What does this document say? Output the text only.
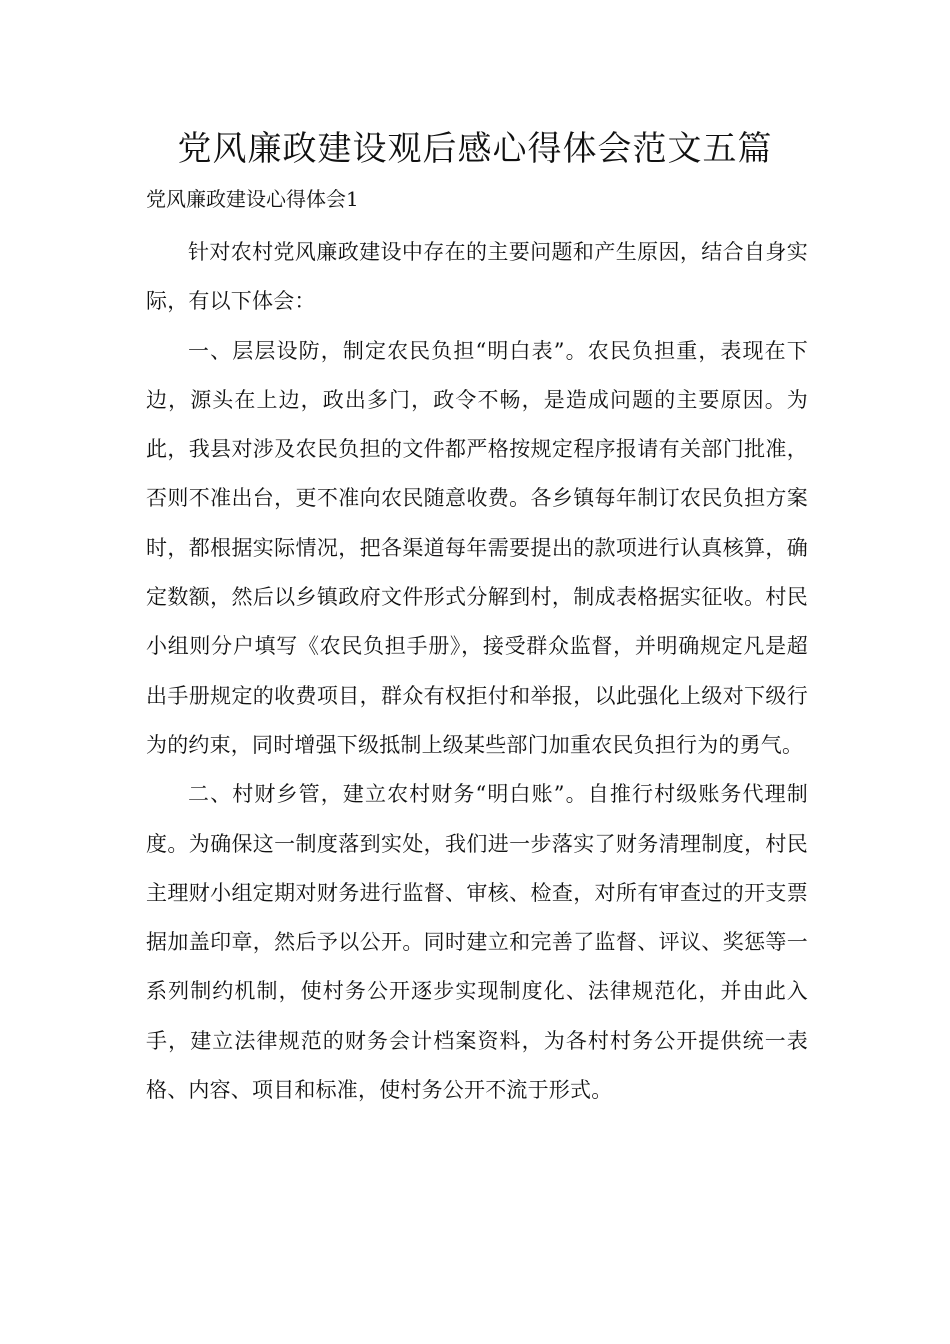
党风廉政建设观后感心得体会范文五篇

党风廉政建设心得体会1

针对农村党风廉政建设中存在的主要问题和产生原因，结合自身实际，有以下体会：

一、层层设防，制定农民负担“明白表”。农民负担重，表现在下边，源头在上边，政出多门，政令不畅，是造成问题的主要原因。为此，我县对涉及农民负担的文件都严格按规定程序报请有关部门批准，否则不准出台，更不准向农民随意收费。各乡镇每年制订农民负担方案时，都根据实际情况，把各渠道每年需要提出的款项进行认真核算，确定数额，然后以乡镇政府文件形式分解到村，制成表格据实征收。村民小组则分户填写《农民负担手册》，接受群众监督，并明确规定凡是超出手册规定的收费项目，群众有权拒付和举报，以此强化上级对下级行为的约束，同时增强下级抵制上级某些部门加重农民负担行为的勇气。

二、村财乡管，建立农村财务“明白账”。自推行村级账务代理制度。为确保这一制度落到实处，我们进一步落实了财务清理制度，村民主理财小组定期对财务进行监督、审核、检查，对所有审查过的开支票据加盖印章，然后予以公开。同时建立和完善了监督、评议、奖惩等一系列制约机制，使村务公开逐步实现制度化、法律规范化，并由此入手，建立法律规范的财务会计档案资料，为各村村务公开提供统一表格、内容、项目和标准，使村务公开不流于形式。
